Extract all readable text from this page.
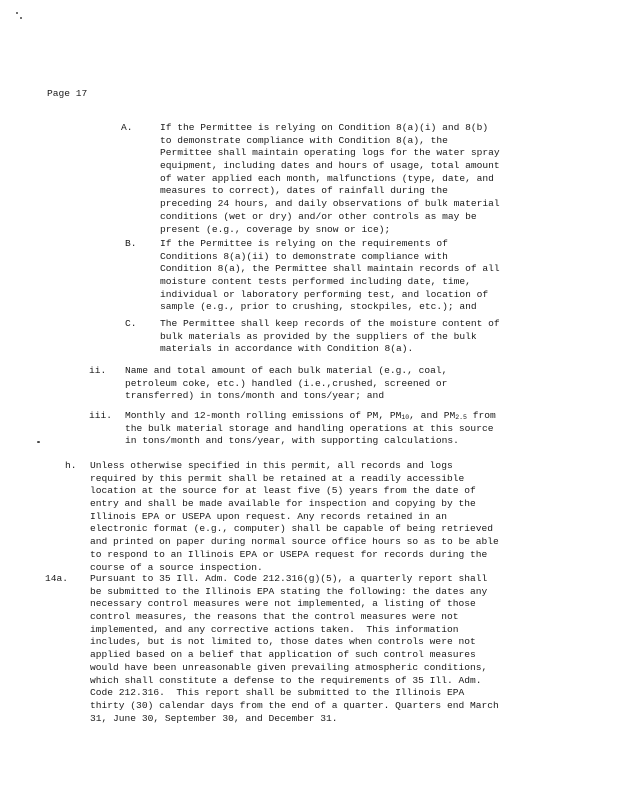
Page 17
A.	If the Permittee is relying on Condition 8(a)(i) and 8(b)
to demonstrate compliance with Condition 8(a), the
Permittee shall maintain operating logs for the water spray
equipment, including dates and hours of usage, total amount
of water applied each month, malfunctions (type, date, and
measures to correct), dates of rainfall during the
preceding 24 hours, and daily observations of bulk material
conditions (wet or dry) and/or other controls as may be
present (e.g., coverage by snow or ice);
B. If the Permittee is relying on the requirements of
Conditions 8(a)(ii) to demonstrate compliance with
Condition 8(a), the Permittee shall maintain records of all
moisture content tests performed including date, time,
individual or laboratory performing test, and location of
sample (e.g., prior to crushing, stockpiles, etc.); and
C. The Permittee shall keep records of the moisture content of
bulk materials as provided by the suppliers of the bulk
materials in accordance with Condition 8(a).
ii. Name and total amount of each bulk material (e.g., coal,
petroleum coke, etc.) handled (i.e.,crushed, screened or
transferred) in tons/month and tons/year; and
iii. Monthly and 12-month rolling emissions of PM, $PM_{10}$, and $PM_{2.5}$ from
the bulk material storage and handling operations at this source
in tons/month and tons/year, with supporting calculations.
h. Unless otherwise specified in this permit, all records and logs
required by this permit shall be retained at a readily accessible
location at the source for at least five (5) years from the date of
entry and shall be made available for inspection and copying by the
Illinois EPA or USEPA upon request. Any records retained in an
electronic format (e.g., computer) shall be capable of being retrieved
and printed on paper during normal source office hours so as to be able
to respond to an Illinois EPA or USEPA request for records during the
course of a source inspection.
14a. Pursuant to 35 Ill. Adm. Code 212.316(g)(5), a quarterly report shall
be submitted to the Illinois EPA stating the following: the dates any
necessary control measures were not implemented, a listing of those
control measures, the reasons that the control measures were not
implemented, and any corrective actions taken.  This information
includes, but is not limited to, those dates when controls were not
applied based on a belief that application of such control measures
would have been unreasonable given prevailing atmospheric conditions,
which shall constitute a defense to the requirements of 35 Ill. Adm.
Code 212.316.  This report shall be submitted to the Illinois EPA
thirty (30) calendar days from the end of a quarter. Quarters end March
31, June 30, September 30, and December 31.
